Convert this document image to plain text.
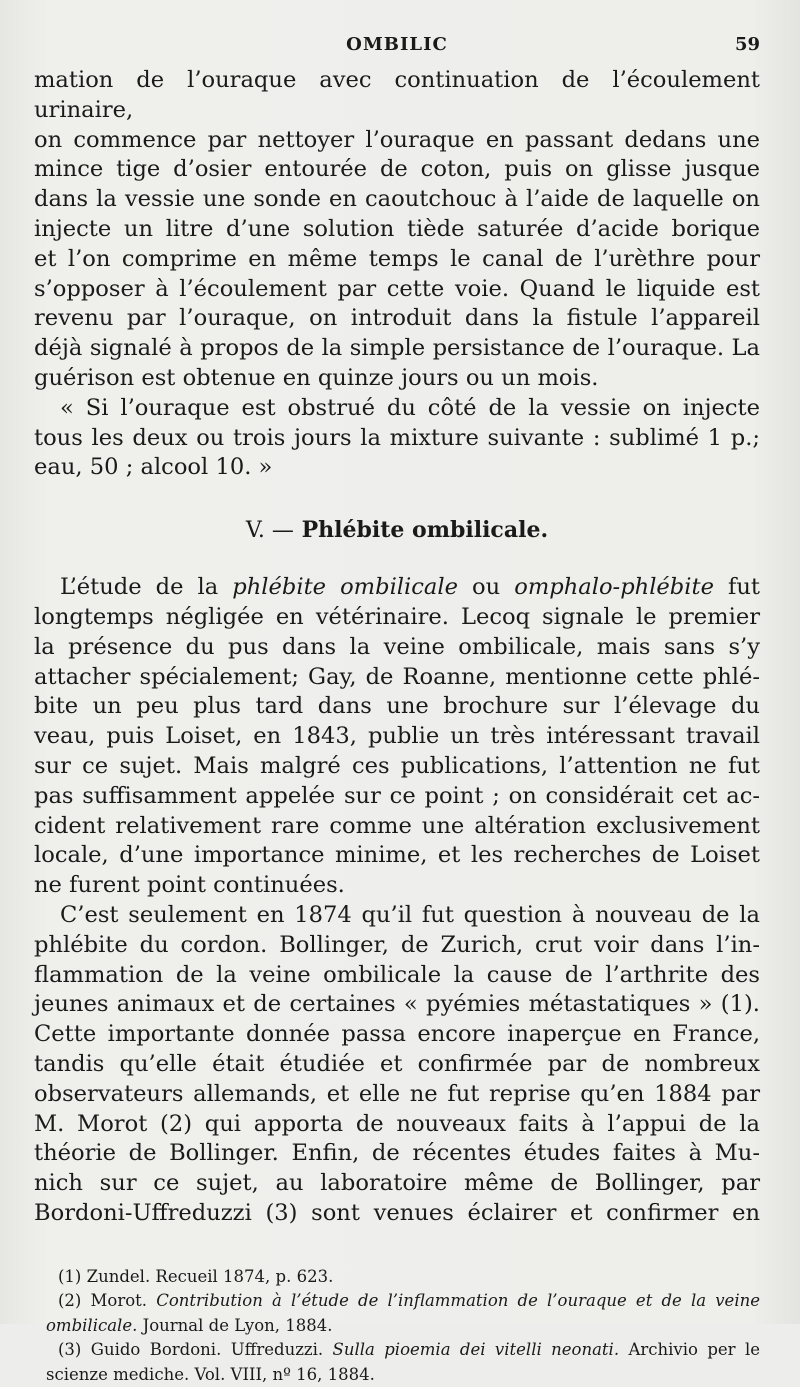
OMBILIC	59

mation de l’ouraque avec continuation de l’écoulement urinaire,

on commence par nettoyer l’ouraque en passant dedans une

mince tige d’osier entourée de coton, puis on glisse jusque

dans la vessie une sonde en caoutchouc à l’aide de laquelle on

injecte un litre d’une solution tiède saturée d’acide borique

et l’on comprime en même temps le canal de l’urèthre pour

s’opposer à l’écoulement par cette voie. Quand le liquide est

revenu par l’ouraque, on introduit dans la fistule l’appareil

déjà signalé à propos de la simple persistance de l’ouraque. La

guérison est obtenue en quinze jours ou un mois.

« Si l’ouraque est obstrué du côté de la vessie on injecte

tous les deux ou trois jours la mixture suivante : sublimé 1 p.;

eau, 50 ; alcool 10. »

V. — Phlébite ombilicale.

L’étude de la phlébite ombilicale ou omphalo-phlébite fut

longtemps négligée en vétérinaire. Lecoq signale le premier

la présence du pus dans la veine ombilicale, mais sans s’y

attacher spécialement; Gay, de Roanne, mentionne cette phlé-

bite un peu plus tard dans une brochure sur l’élevage du

veau, puis Loiset, en 1843, publie un très intéressant travail

sur ce sujet. Mais malgré ces publications, l’attention ne fut

pas suffisamment appelée sur ce point ; on considérait cet ac-

cident relativement rare comme une altération exclusivement

locale, d’une importance minime, et les recherches de Loiset

ne furent point continuées.

C’est seulement en 1874 qu’il fut question à nouveau de la

phlébite du cordon. Bollinger, de Zurich, crut voir dans l’in-

flammation de la veine ombilicale la cause de l’arthrite des

jeunes animaux et de certaines « pyémies métastatiques » (1).

Cette importante donnée passa encore inaperçue en France,

tandis qu’elle était étudiée et confirmée par de nombreux

observateurs allemands, et elle ne fut reprise qu’en 1884 par

M. Morot (2) qui apporta de nouveaux faits à l’appui de la

théorie de Bollinger. Enfin, de récentes études faites à Mu-

nich sur ce sujet, au laboratoire même de Bollinger, par

Bordoni-Uffreduzzi (3) sont venues éclairer et confirmer en

(1) Zundel. Recueil 1874, p. 623.

(2) Morot. Contribution à l’étude de l’inflammation de l’ouraque et de la veine ombilicale. Journal de Lyon, 1884.

(3) Guido Bordoni. Uffreduzzi. Sulla pioemia dei vitelli neonati. Archivio per le scienze mediche. Vol. VIII, nº 16, 1884.
